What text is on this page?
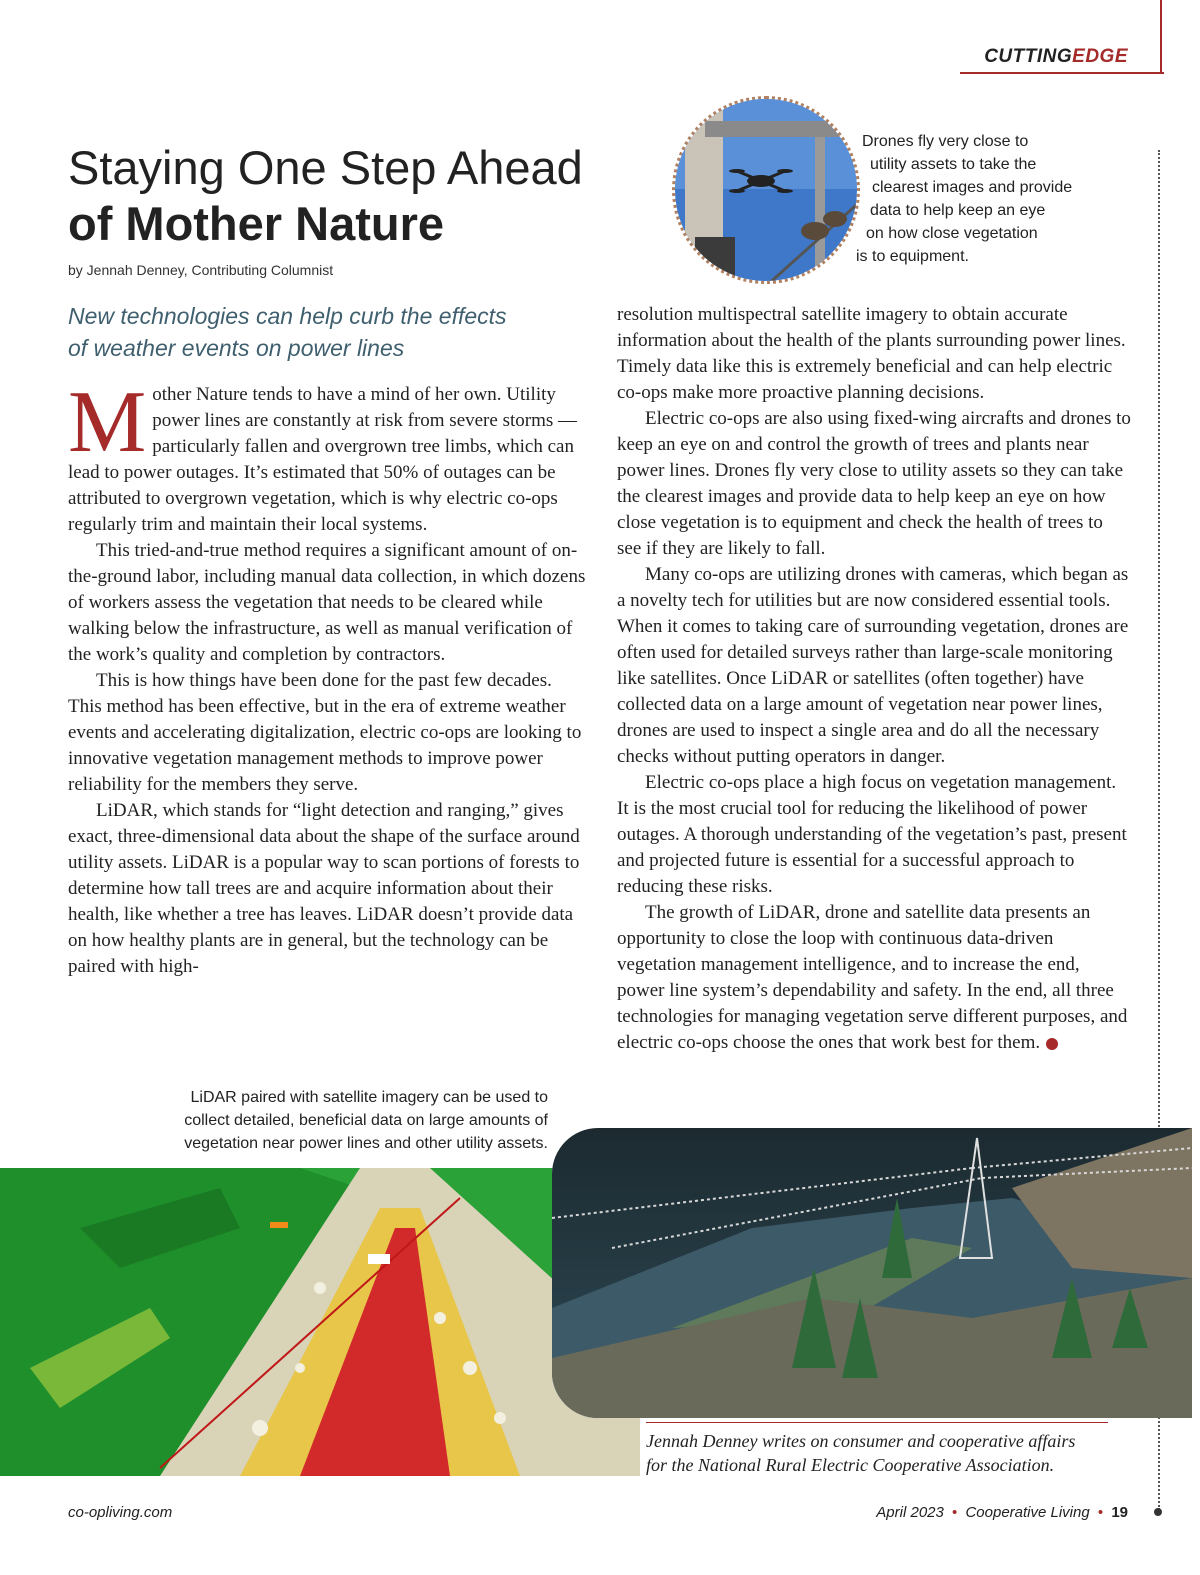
CUTTINGEDGE
Staying One Step Ahead
of Mother Nature
by Jennah Denney, Contributing Columnist
New technologies can help curb the effects
of weather events on power lines
Drones fly very close to
utility assets to take the
clearest images and provide
data to help keep an eye
on how close vegetation
is to equipment.

Mother Nature tends to have a mind of her own. Utility power lines are constantly at risk from severe storms — particularly fallen and overgrown tree limbs, which can lead to power outages. It’s estimated that 50% of outages can be attributed to overgrown vegetation, which is why electric co-ops regularly trim and maintain their local systems.

This tried-and-true method requires a significant amount of on-the-ground labor, including manual data collection, in which dozens of workers assess the vegetation that needs to be cleared while walking below the infrastructure, as well as manual verification of the work’s quality and completion by contractors.

This is how things have been done for the past few decades. This method has been effective, but in the era of extreme weather events and accelerating digitalization, electric co-ops are looking to innovative vegetation management methods to improve power reliability for the members they serve.

LiDAR, which stands for “light detection and ranging,” gives exact, three-dimensional data about the shape of the surface around utility assets. LiDAR is a popular way to scan portions of forests to determine how tall trees are and acquire information about their health, like whether a tree has leaves. LiDAR doesn’t provide data on how healthy plants are in general, but the technology can be paired with high-

resolution multispectral satellite imagery to obtain accurate information about the health of the plants surrounding power lines. Timely data like this is extremely beneficial and can help electric co-ops make more proactive planning decisions.

Electric co-ops are also using fixed-wing aircrafts and drones to keep an eye on and control the growth of trees and plants near power lines. Drones fly very close to utility assets so they can take the clearest images and provide data to help keep an eye on how close vegetation is to equipment and check the health of trees to see if they are likely to fall.

Many co-ops are utilizing drones with cameras, which began as a novelty tech for utilities but are now considered essential tools. When it comes to taking care of surrounding vegetation, drones are often used for detailed surveys rather than large-scale monitoring like satellites. Once LiDAR or satellites (often together) have collected data on a large amount of vegetation near power lines, drones are used to inspect a single area and do all the necessary checks without putting operators in danger.

Electric co-ops place a high focus on vegetation management. It is the most crucial tool for reducing the likelihood of power outages. A thorough understanding of the vegetation’s past, present and projected future is essential for a successful approach to reducing these risks.

The growth of LiDAR, drone and satellite data presents an opportunity to close the loop with continuous data-driven vegetation management intelligence, and to increase the end, power line system’s dependability and safety. In the end, all three technologies for managing vegetation serve different purposes, and electric co-ops choose the ones that work best for them.

LiDAR paired with satellite imagery can be used to
collect detailed, beneficial data on large amounts of
vegetation near power lines and other utility assets.
Jennah Denney writes on consumer and cooperative affairs
for the National Rural Electric Cooperative Association.
co-opliving.com	April 2023 • Cooperative Living • 19
